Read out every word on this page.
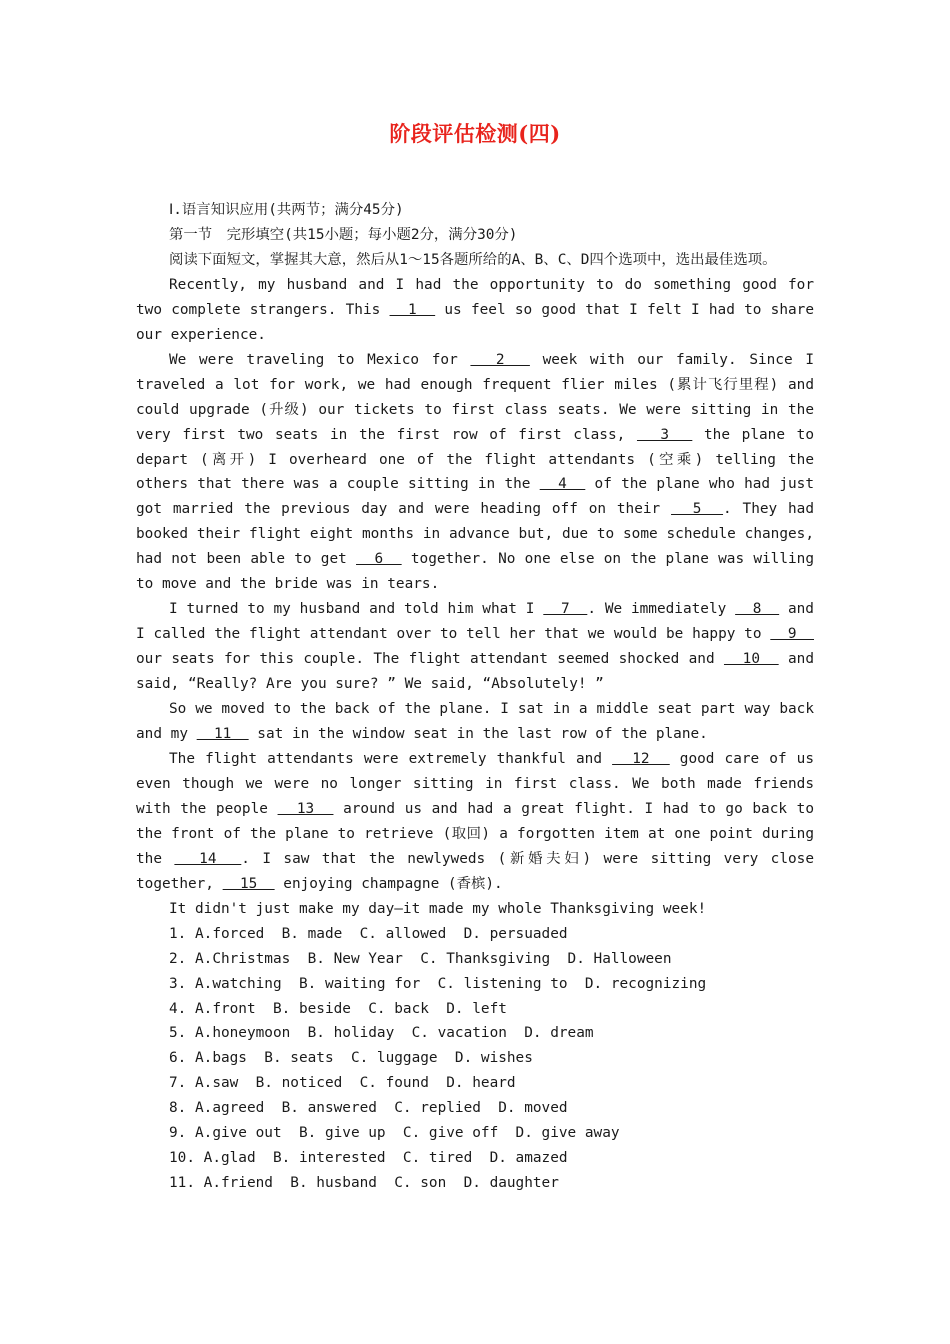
阶段评估检测(四)

Ⅰ.语言知识应用(共两节；满分45分)

第一节　完形填空(共15小题；每小题2分，满分30分)

阅读下面短文，掌握其大意，然后从1～15各题所给的A、B、C、D四个选项中，选出最佳选项。

Recently, my husband and I had the opportunity to do something good for two complete strangers. This   1   us feel so good that I felt I had to share our experience.

We were traveling to Mexico for   2   week with our family. Since I traveled a lot for work, we had enough frequent flier miles (累计飞行里程) and could upgrade (升级) our tickets to first class seats. We were sitting in the very first two seats in the first row of first class,   3   the plane to depart (离开) I overheard one of the flight attendants (空乘) telling the others that there was a couple sitting in the   4   of the plane who had just got married the previous day and were heading off on their   5  . They had booked their flight eight months in advance but, due to some schedule changes, had not been able to get   6   together. No one else on the plane was willing to move and the bride was in tears.

I turned to my husband and told him what I   7  . We immediately   8   and I called the flight attendant over to tell her that we would be happy to   9   our seats for this couple. The flight attendant seemed shocked and   10   and said, “Really? Are you sure? ” We said, “Absolutely! ”

So we moved to the back of the plane. I sat in a middle seat part way back and my   11   sat in the window seat in the last row of the plane.

The flight attendants were extremely thankful and   12   good care of us even though we were no longer sitting in first class. We both made friends with the people   13   around us and had a great flight. I had to go back to the front of the plane to retrieve (取回) a forgotten item at one point during the   14  . I saw that the newlyweds (新婚夫妇) were sitting very close together,   15   enjoying champagne (香槟).

It didn't just make my day—it made my whole Thanksgiving week!

1. A.forced  B. made  C. allowed  D. persuaded

2. A.Christmas  B. New Year  C. Thanksgiving  D. Halloween

3. A.watching  B. waiting for  C. listening to  D. recognizing

4. A.front  B. beside  C. back  D. left

5. A.honeymoon  B. holiday  C. vacation  D. dream

6. A.bags  B. seats  C. luggage  D. wishes

7. A.saw  B. noticed  C. found  D. heard

8. A.agreed  B. answered  C. replied  D. moved

9. A.give out  B. give up  C. give off  D. give away

10. A.glad  B. interested  C. tired  D. amazed

11. A.friend  B. husband  C. son  D. daughter
